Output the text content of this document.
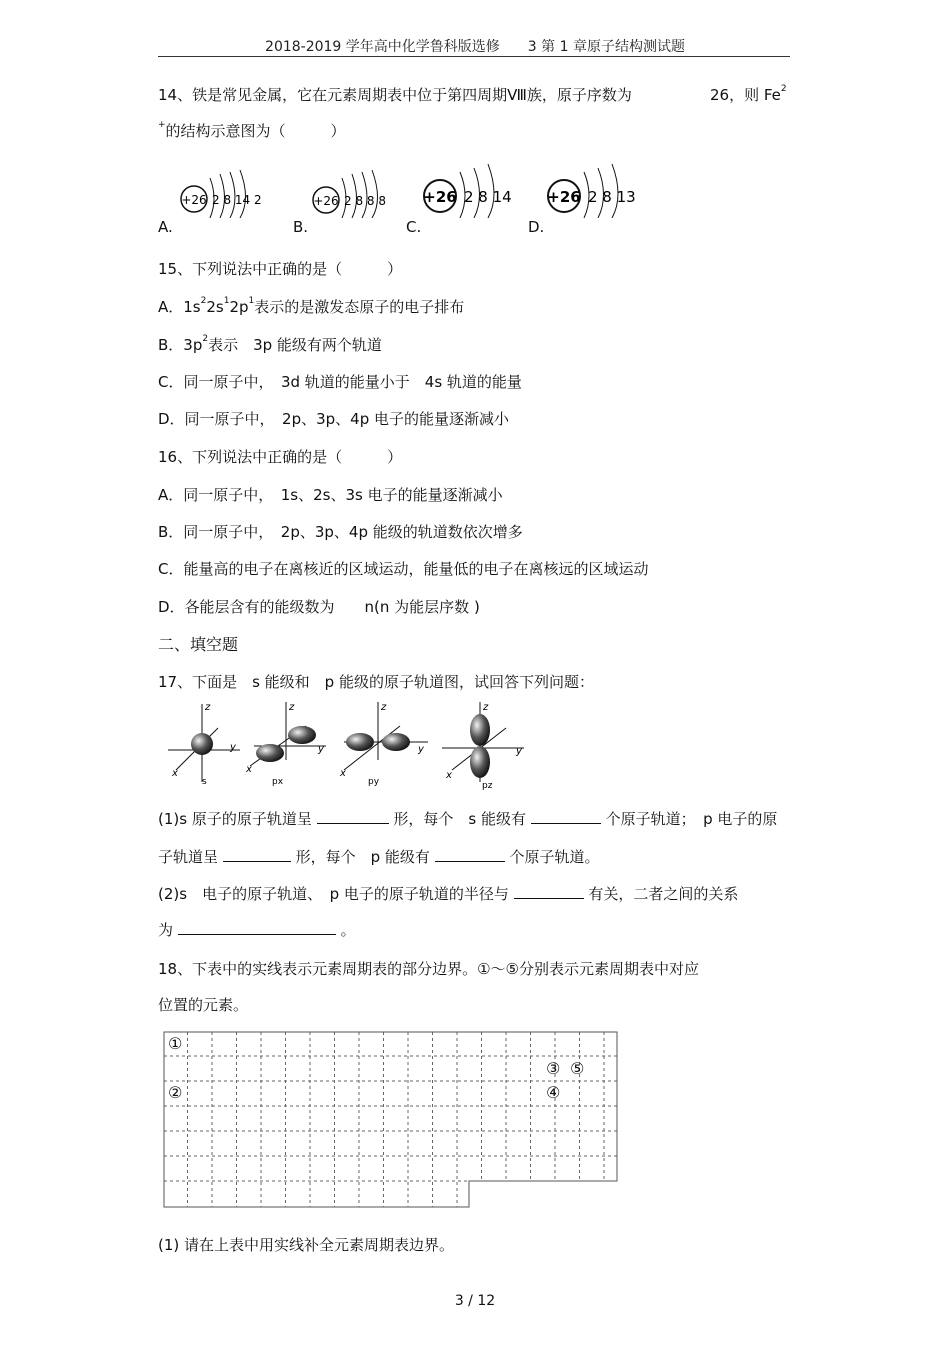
2018-2019 学年高中化学鲁科版选修　　3 第 1 章原子结构测试题
14、铁是常见金属，它在元素周期表中位于第四周期Ⅷ族，原子序数为	26，则 Fe$^2$
+的结构示意图为（　　　）
+26 2 8 14 2	+26 2 8 8 8 +26 2 8 14 +26 2 8 13
A.	B.	C.	D.
15、下列说法中正确的是（　　　）
A．$1s^22s^12p^1$表示的是激发态原子的电子排布
B．$3p^2$表示　3p 能级有两个轨道
C．同一原子中，　3d 轨道的能量小于　4s 轨道的能量
D．同一原子中，　2p、3p、4p 电子的能量逐渐减小
16、下列说法中正确的是（　　　）
A．同一原子中，　1s、2s、3s 电子的能量逐渐减小
B．同一原子中，　2p、3p、4p 能级的轨道数依次增多
C．能量高的电子在离核近的区域运动，能量低的电子在离核远的区域运动
D．各能层含有的能级数为　　n(n 为能层序数 )
二、填空题
17、下面是　s 能级和　p 能级的原子轨道图，试回答下列问题：
z
y
x
s
z
y
x
px
z
y
x
py
z
y
x
pz
(1)s 原子的原子轨道呈	形，每个　s 能级有	个原子轨道；　p 电子的原
子轨道呈	形，每个　p 能级有	个原子轨道。
(2)s　电子的原子轨道、　p 电子的原子轨道的半径与	有关，二者之间的关系
为	。
18、下表中的实线表示元素周期表的部分边界。①～⑤分别表示元素周期表中对应
位置的元素。
①
②
③ ⑤
④
(1) 请在上表中用实线补全元素周期表边界。
3 / 12
